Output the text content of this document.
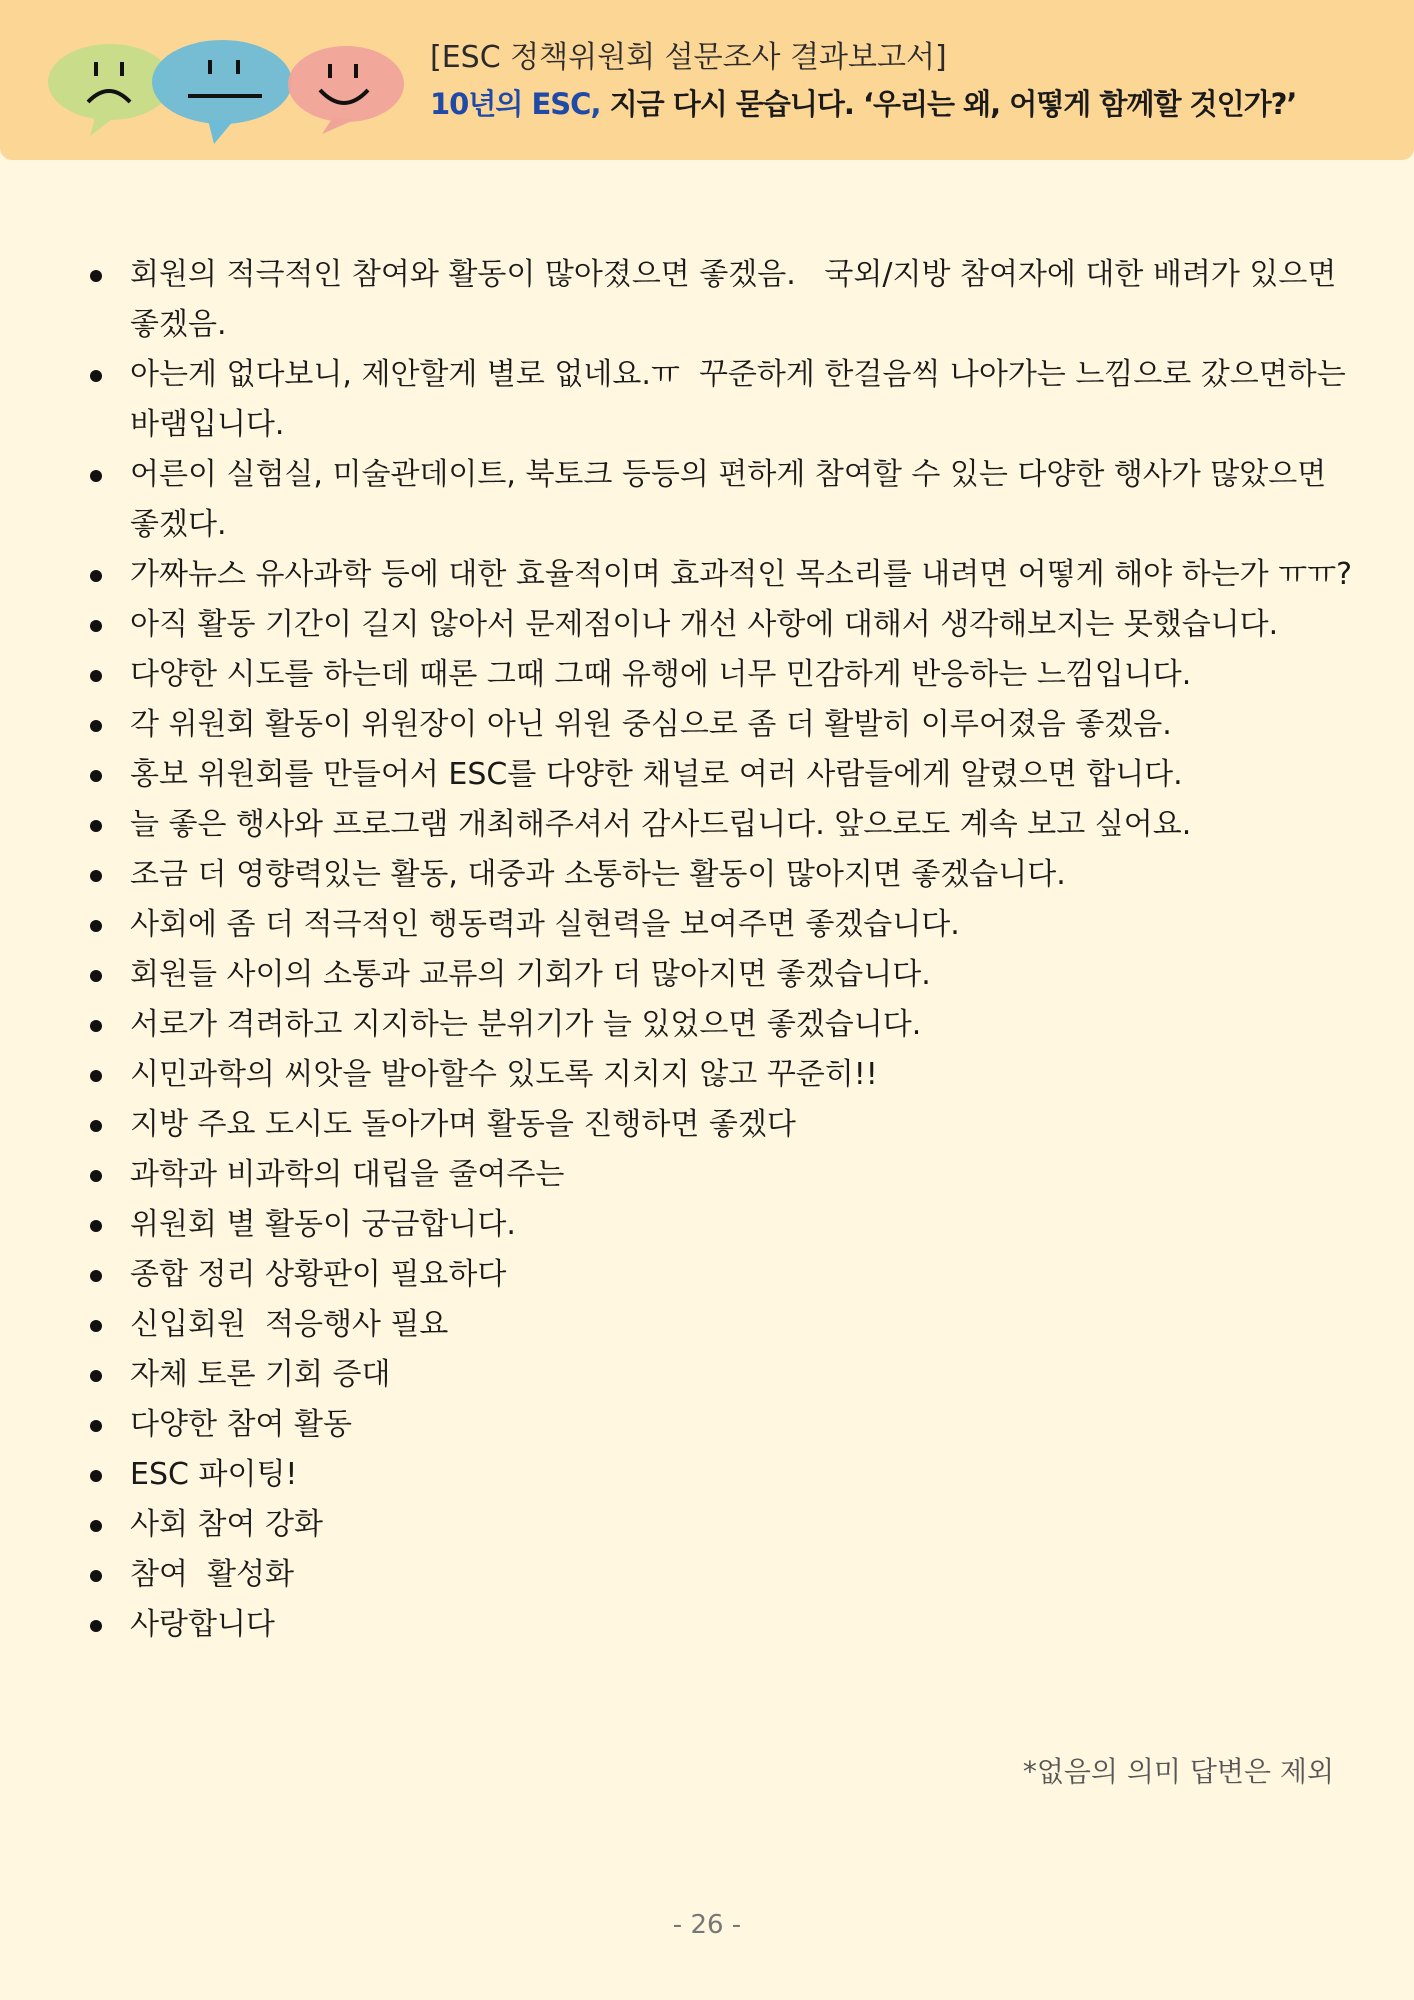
[ESC 정책위원회 설문조사 결과보고서]
10년의 ESC, 지금 다시 묻습니다. ‘우리는 왜, 어떻게 함께할 것인가?’
회원의 적극적인 참여와 활동이 많아졌으면 좋겠음.   국외/지방 참여자에 대한 배려가 있으면 좋겠음.
아는게 없다보니, 제안할게 별로 없네요.ㅠ  꾸준하게 한걸음씩 나아가는 느낌으로 갔으면하는 바램입니다.
어른이 실험실, 미술관데이트, 북토크 등등의 편하게 참여할 수 있는 다양한 행사가 많았으면 좋겠다.
가짜뉴스 유사과학 등에 대한 효율적이며 효과적인 목소리를 내려면 어떻게 해야 하는가 ㅠㅠ?
아직 활동 기간이 길지 않아서 문제점이나 개선 사항에 대해서 생각해보지는 못했습니다.
다양한 시도를 하는데 때론 그때 그때 유행에 너무 민감하게 반응하는 느낌입니다.
각 위원회 활동이 위원장이 아닌 위원 중심으로 좀 더 활발히 이루어졌음 좋겠음.
홍보 위원회를 만들어서 ESC를 다양한 채널로 여러 사람들에게 알렸으면 합니다.
늘 좋은 행사와 프로그램 개최해주셔서 감사드립니다. 앞으로도 계속 보고 싶어요.
조금 더 영향력있는 활동, 대중과 소통하는 활동이 많아지면 좋겠습니다.
사회에 좀 더 적극적인 행동력과 실현력을 보여주면 좋겠습니다.
회원들 사이의 소통과 교류의 기회가 더 많아지면 좋겠습니다.
서로가 격려하고 지지하는 분위기가 늘 있었으면 좋겠습니다.
시민과학의 씨앗을 발아할수 있도록 지치지 않고 꾸준히!!
지방 주요 도시도 돌아가며 활동을 진행하면 좋겠다
과학과 비과학의 대립을 줄여주는
위원회 별 활동이 궁금합니다.
종합 정리 상황판이 필요하다
신입회원  적응행사 필요
자체 토론 기회 증대
다양한 참여 활동
ESC 파이팅!
사회 참여 강화
참여  활성화
사랑합니다
*없음의 의미 답변은 제외
- 26 -
